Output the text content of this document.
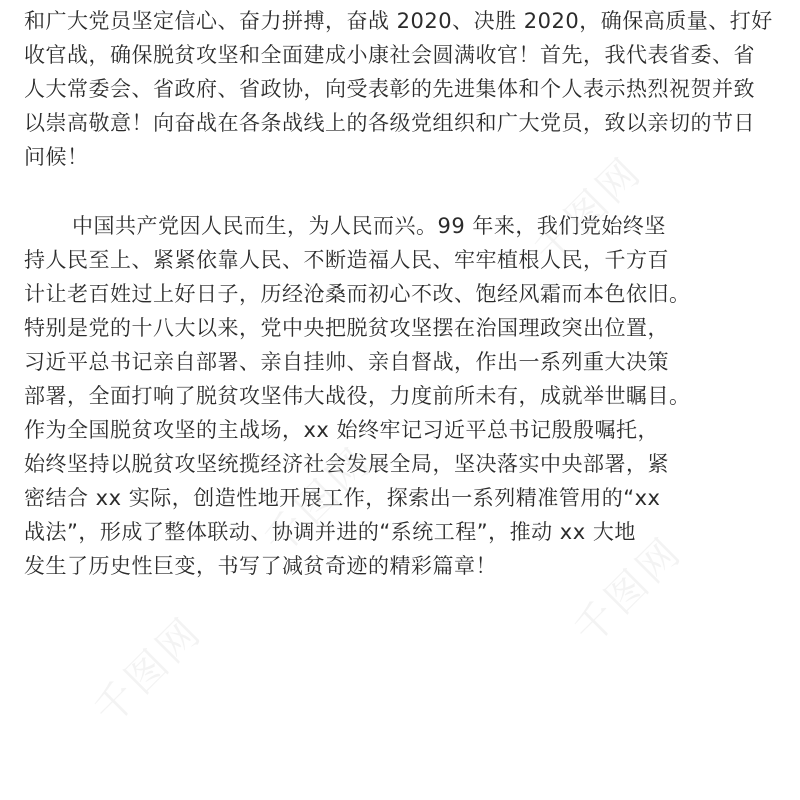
和广大党员坚定信心、奋力拼搏，奋战 2020、决胜 2020，确保高质量、打好
收官战，确保脱贫攻坚和全面建成小康社会圆满收官！首先，我代表省委、省
人大常委会、省政府、省政协，向受表彰的先进集体和个人表示热烈祝贺并致
以崇高敬意！向奋战在各条战线上的各级党组织和广大党员，致以亲切的节日
问候！
中国共产党因人民而生，为人民而兴。99 年来，我们党始终坚
持人民至上、紧紧依靠人民、不断造福人民、牢牢植根人民，千方百
计让老百姓过上好日子，历经沧桑而初心不改、饱经风霜而本色依旧。
特别是党的十八大以来，党中央把脱贫攻坚摆在治国理政突出位置，
习近平总书记亲自部署、亲自挂帅、亲自督战，作出一系列重大决策
部署，全面打响了脱贫攻坚伟大战役，力度前所未有，成就举世瞩目。
作为全国脱贫攻坚的主战场，xx 始终牢记习近平总书记殷殷嘱托，
始终坚持以脱贫攻坚统揽经济社会发展全局，坚决落实中央部署，紧
密结合 xx 实际，创造性地开展工作，探索出一系列精准管用的“xx
战法”，形成了整体联动、协调并进的“系统工程”，推动 xx 大地
发生了历史性巨变，书写了减贫奇迹的精彩篇章！
千图网
千图网
千图网
千图网
